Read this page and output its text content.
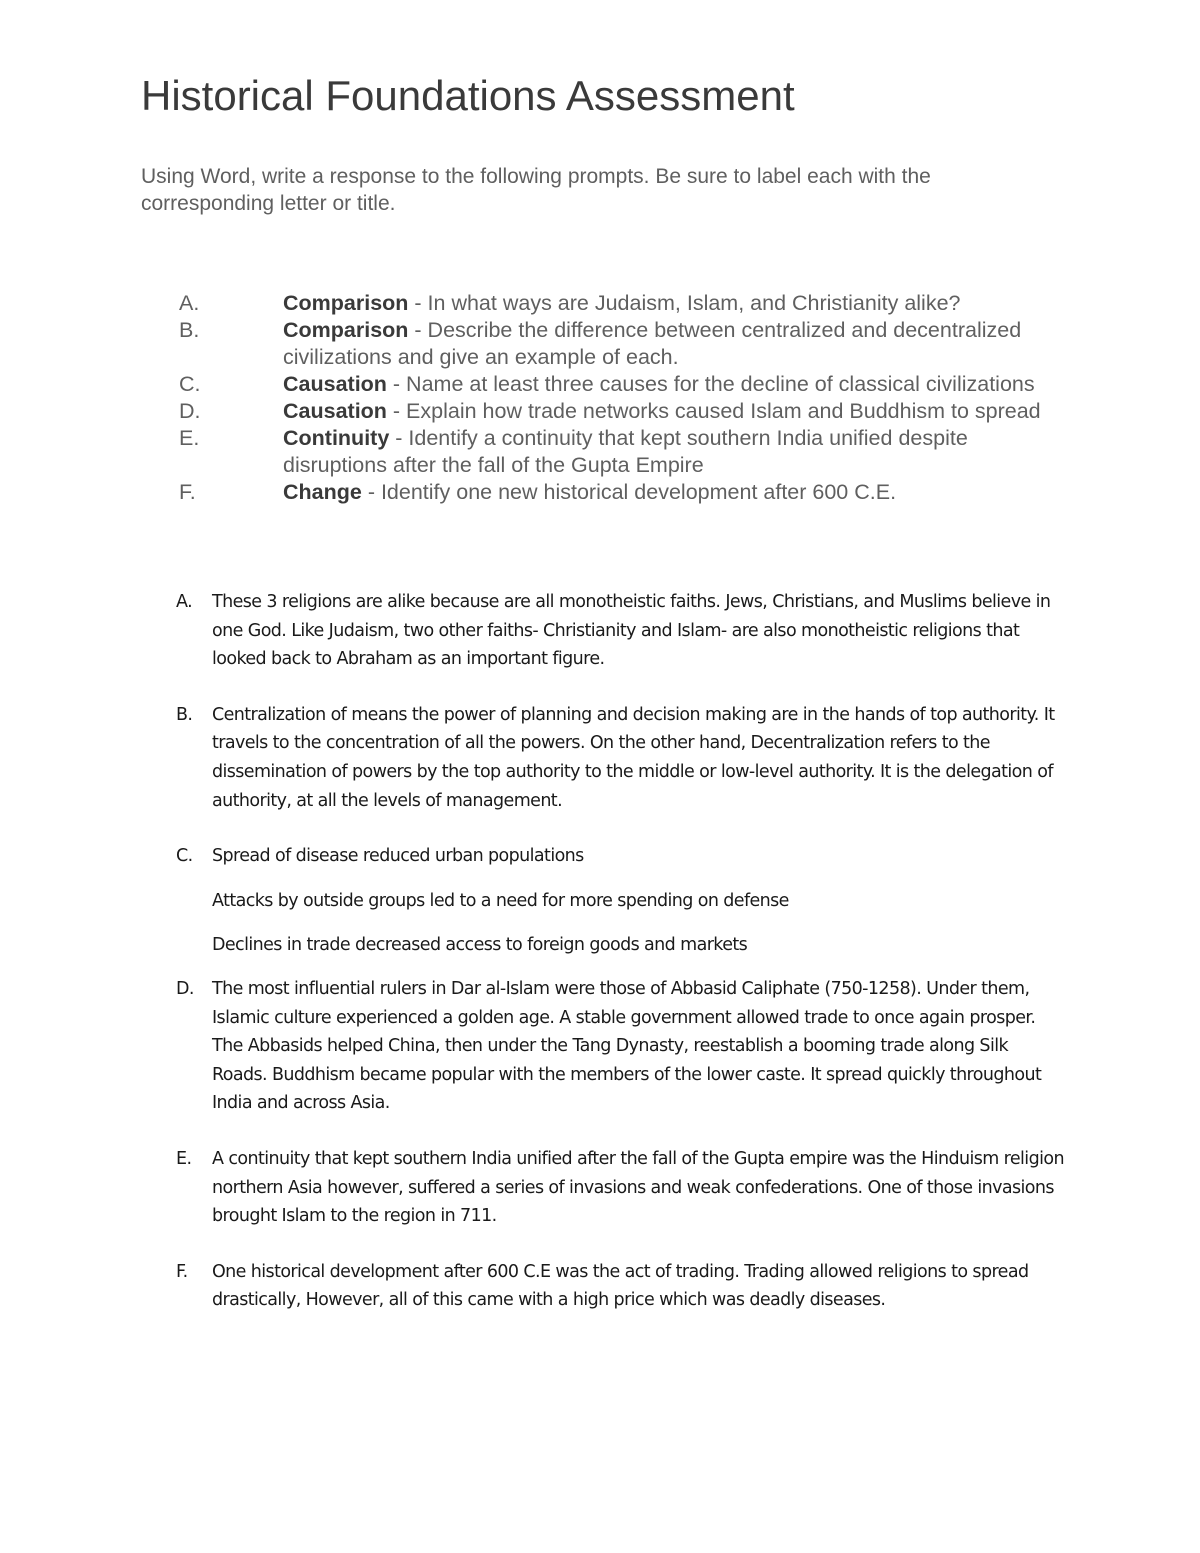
Historical Foundations Assessment

Using Word, write a response to the following prompts. Be sure to label each with the corresponding letter or title.

A.	Comparison - In what ways are Judaism, Islam, and Christianity alike?
B.	Comparison - Describe the difference between centralized and decentralized civilizations and give an example of each.
C.	Causation - Name at least three causes for the decline of classical civilizations
D.	Causation - Explain how trade networks caused Islam and Buddhism to spread
E.	Continuity - Identify a continuity that kept southern India unified despite disruptions after the fall of the Gupta Empire
F.	Change - Identify one new historical development after 600 C.E.
A. These 3 religions are alike because are all monotheistic faiths. Jews, Christians, and Muslims believe in one God. Like Judaism, two other faiths- Christianity and Islam- are also monotheistic religions that looked back to Abraham as an important figure.

B. Centralization of means the power of planning and decision making are in the hands of top authority. It travels to the concentration of all the powers. On the other hand, Decentralization refers to the dissemination of powers by the top authority to the middle or low-level authority. It is the delegation of authority, at all the levels of management.

C. Spread of disease reduced urban populations

Attacks by outside groups led to a need for more spending on defense

Declines in trade decreased access to foreign goods and markets

D. The most influential rulers in Dar al-Islam were those of Abbasid Caliphate (750-1258). Under them, Islamic culture experienced a golden age. A stable government allowed trade to once again prosper. The Abbasids helped China, then under the Tang Dynasty, reestablish a booming trade along Silk Roads. Buddhism became popular with the members of the lower caste. It spread quickly throughout India and across Asia.

E. A continuity that kept southern India unified after the fall of the Gupta empire was the Hinduism religion northern Asia however, suffered a series of invasions and weak confederations. One of those invasions brought Islam to the region in 711.

F. One historical development after 600 C.E was the act of trading. Trading allowed religions to spread drastically, However, all of this came with a high price which was deadly diseases.
